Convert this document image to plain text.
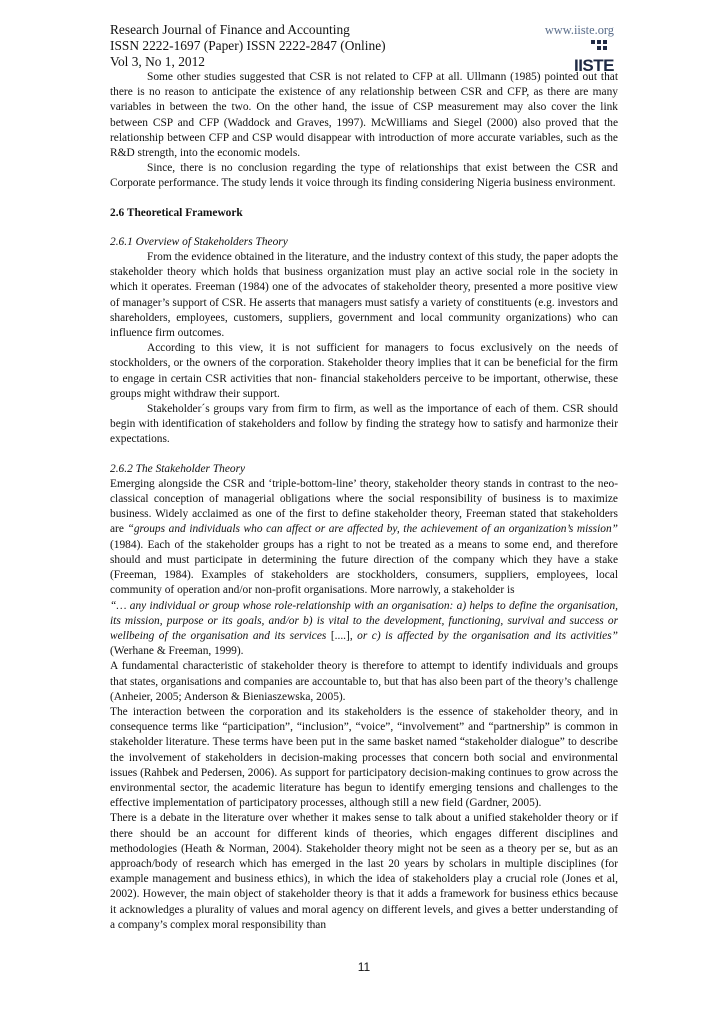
IISTE
Research Journal of Finance and Accounting	www.iiste.org
ISSN 2222-1697 (Paper) ISSN 2222-2847 (Online)
Vol 3, No 1, 2012

Some other studies suggested that CSR is not related to CFP at all. Ullmann (1985) pointed out that there is no reason to anticipate the existence of any relationship between CSR and CFP, as there are many variables in between the two. On the other hand, the issue of CSP measurement may also cover the link between CSP and CFP (Waddock and Graves, 1997). McWilliams and Siegel (2000) also proved that the relationship between CFP and CSP would disappear with introduction of more accurate variables, such as the R&D strength, into the economic models.

Since, there is no conclusion regarding the type of relationships that exist between the CSR and Corporate performance. The study lends it voice through its finding considering Nigeria business environment.

2.6 Theoretical Framework
2.6.1 Overview of Stakeholders Theory

From the evidence obtained in the literature, and the industry context of this study, the paper adopts the stakeholder theory which holds that business organization must play an active social role in the society in which it operates. Freeman (1984) one of the advocates of stakeholder theory, presented a more positive view of manager’s support of CSR. He asserts that managers must satisfy a variety of constituents (e.g. investors and shareholders, employees, customers, suppliers, government and local community organizations) who can influence firm outcomes.

According to this view, it is not sufficient for managers to focus exclusively on the needs of stockholders, or the owners of the corporation. Stakeholder theory implies that it can be beneficial for the firm to engage in certain CSR activities that non- financial stakeholders perceive to be important, otherwise, these groups might withdraw their support.

Stakeholder´s groups vary from firm to firm, as well as the importance of each of them. CSR should begin with identification of stakeholders and follow by finding the strategy how to satisfy and harmonize their expectations.

2.6.2 The Stakeholder Theory

Emerging alongside the CSR and ‘triple-bottom-line’ theory, stakeholder theory stands in contrast to the neo-classical conception of managerial obligations where the social responsibility of business is to maximize business. Widely acclaimed as one of the first to define stakeholder theory, Freeman stated that stakeholders are “groups and individuals who can affect or are affected by, the achievement of an organization’s mission” (1984). Each of the stakeholder groups has a right to not be treated as a means to some end, and therefore should and must participate in determining the future direction of the company which they have a stake (Freeman, 1984). Examples of stakeholders are stockholders, consumers, suppliers, employees, local community of operation and/or non-profit organisations. More narrowly, a stakeholder is

“… any individual or group whose role-relationship with an organisation: a) helps to define the organisation, its mission, purpose or its goals, and/or b) is vital to the development, functioning, survival and success or wellbeing of the organisation and its services [....], or c) is affected by the organisation and its activities” (Werhane & Freeman, 1999).

A fundamental characteristic of stakeholder theory is therefore to attempt to identify individuals and groups that states, organisations and companies are accountable to, but that has also been part of the theory’s challenge (Anheier, 2005; Anderson & Bieniaszewska, 2005).

The interaction between the corporation and its stakeholders is the essence of stakeholder theory, and in consequence terms like “participation”, “inclusion”, “voice”, “involvement” and “partnership” is common in stakeholder literature. These terms have been put in the same basket named “stakeholder dialogue” to describe the involvement of stakeholders in decision-making processes that concern both social and environmental issues (Rahbek and Pedersen, 2006). As support for participatory decision-making continues to grow across the environmental sector, the academic literature has begun to identify emerging tensions and challenges to the effective implementation of participatory processes, although still a new field (Gardner, 2005).

There is a debate in the literature over whether it makes sense to talk about a unified stakeholder theory or if there should be an account for different kinds of theories, which engages different disciplines and methodologies (Heath & Norman, 2004). Stakeholder theory might not be seen as a theory per se, but as an approach/body of research which has emerged in the last 20 years by scholars in multiple disciplines (for example management and business ethics), in which the idea of stakeholders play a crucial role (Jones et al, 2002). However, the main object of stakeholder theory is that it adds a framework for business ethics because it acknowledges a plurality of values and moral agency on different levels, and gives a better understanding of a company’s complex moral responsibility than

11
